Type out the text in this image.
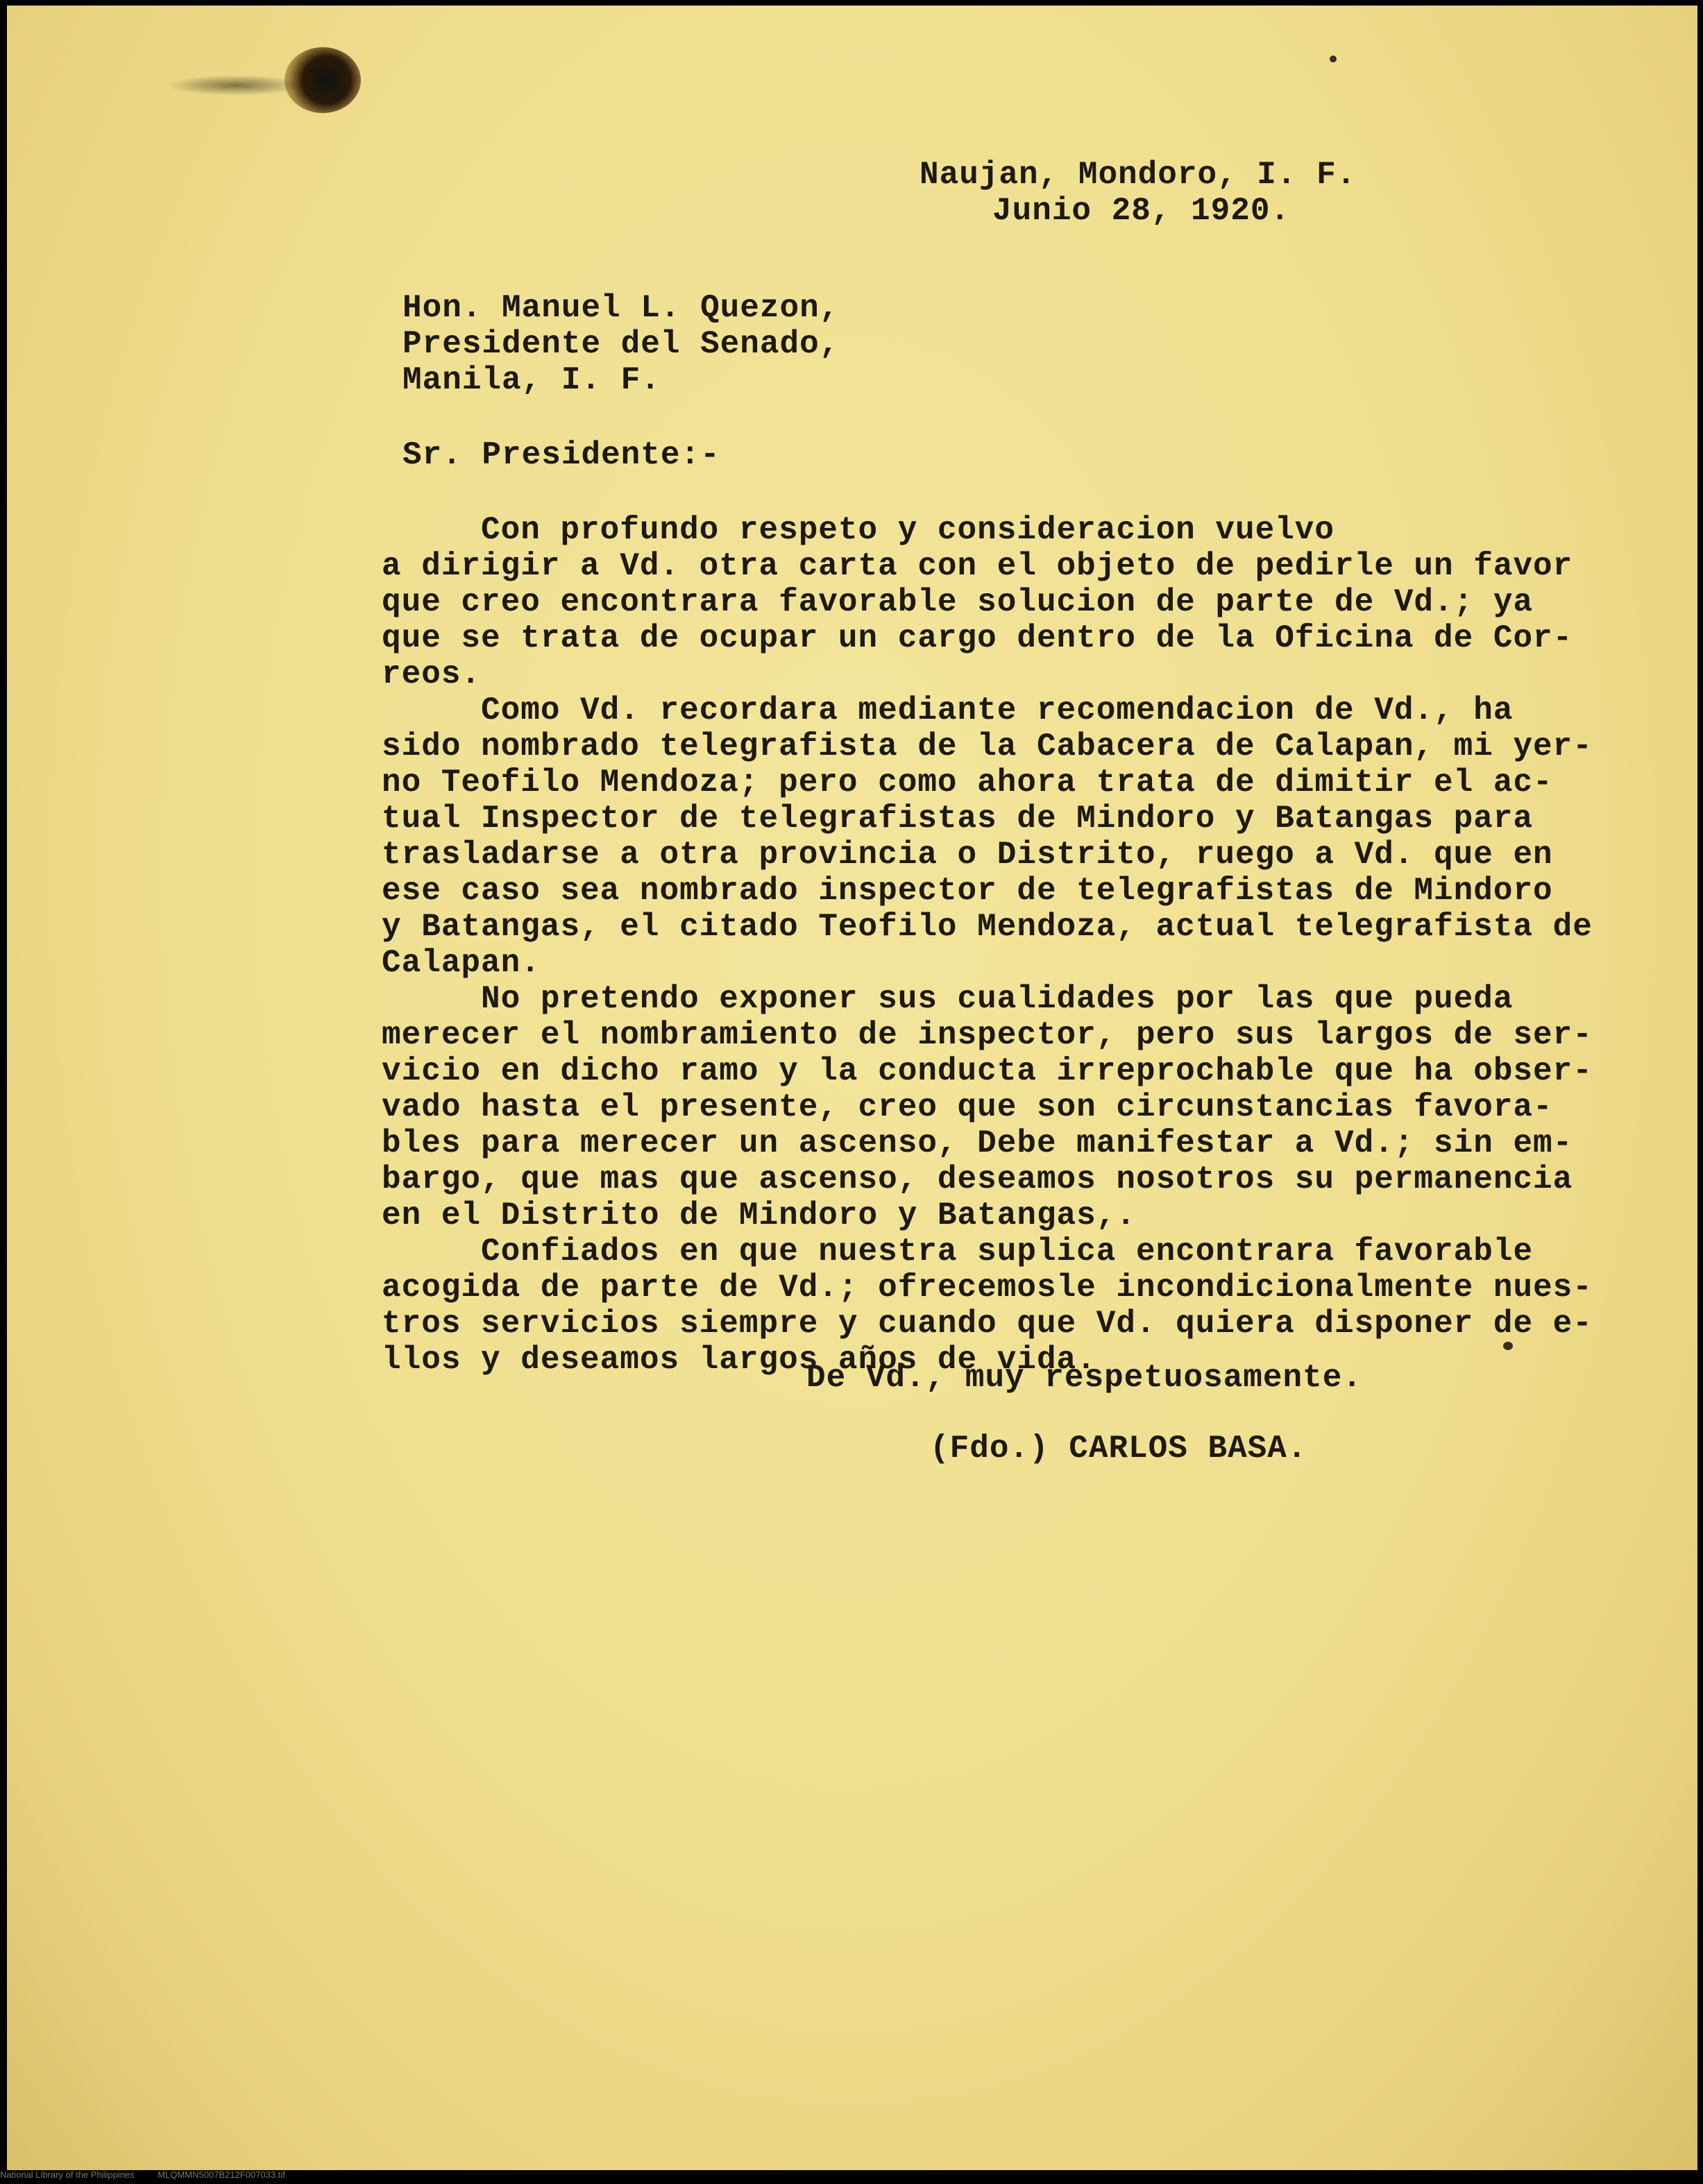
Naujan, Mondoro, I. F.

Junio 28, 1920.

Hon. Manuel L. Quezon,

Presidente del Senado,

Manila, I. F.

Sr. Presidente:-

Con profundo respeto y consideracion vuelvo

a dirigir a Vd. otra carta con el objeto de pedirle un favor

que creo encontrara favorable solucion de parte de Vd.; ya

que se trata de ocupar un cargo dentro de la Oficina de Cor-

reos.

Como Vd. recordara mediante recomendacion de Vd., ha

sido nombrado telegrafista de la Cabacera de Calapan, mi yer-

no Teofilo Mendoza; pero como ahora trata de dimitir el ac-

tual Inspector de telegrafistas de Mindoro y Batangas para

trasladarse a otra provincia o Distrito, ruego a Vd. que en

ese caso sea nombrado inspector de telegrafistas de Mindoro

y Batangas, el citado Teofilo Mendoza, actual telegrafista de

Calapan.

No pretendo exponer sus cualidades por las que pueda

merecer el nombramiento de inspector, pero sus largos de ser-

vicio en dicho ramo y la conducta irreprochable que ha obser-

vado hasta el presente, creo que son circunstancias favora-

bles para merecer un ascenso, Debe manifestar a Vd.; sin em-

bargo, que mas que ascenso, deseamos nosotros su permanencia

en el Distrito de Mindoro y Batangas,.

Confiados en que nuestra suplica encontrara favorable

acogida de parte de Vd.; ofrecemosle incondicionalmente nues-

tros servicios siempre y cuando que Vd. quiera disponer de e-

llos y deseamos largos años de vida.

De Vd., muy respetuosamente.

(Fdo.) CARLOS BASA.

National Library of the Philippines	MLQMMN5007B212F007033.tif
